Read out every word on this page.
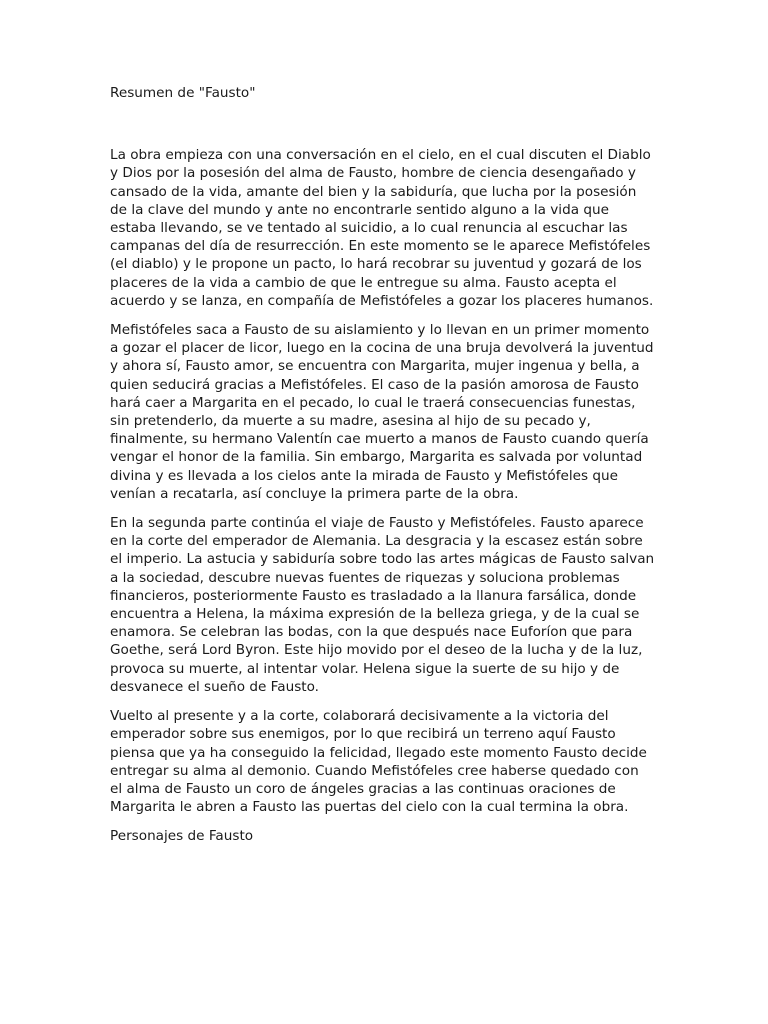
Resumen de "Fausto"

La obra empieza con una conversación en el cielo, en el cual discuten el Diablo y Dios por la posesión del alma de Fausto, hombre de ciencia desengañado y cansado de la vida, amante del bien y la sabiduría, que lucha por la posesión de la clave del mundo y ante no encontrarle sentido alguno a la vida que estaba llevando, se ve tentado al suicidio, a lo cual renuncia al escuchar las campanas del día de resurrección. En este momento se le aparece Mefistófeles (el diablo) y le propone un pacto, lo hará recobrar su juventud y gozará de los placeres de la vida a cambio de que le entregue su alma. Fausto acepta el acuerdo y se lanza, en compañía de Mefistófeles a gozar los placeres humanos.

Mefistófeles saca a Fausto de su aislamiento y lo llevan en un primer momento a gozar el placer de licor, luego en la cocina de una bruja devolverá la juventud y ahora sí, Fausto amor, se encuentra con Margarita, mujer ingenua y bella, a quien seducirá gracias a Mefistófeles. El caso de la pasión amorosa de Fausto hará caer a Margarita en el pecado, lo cual le traerá consecuencias funestas, sin pretenderlo, da muerte a su madre, asesina al hijo de su pecado y, finalmente, su hermano Valentín cae muerto a manos de Fausto cuando quería vengar el honor de la familia. Sin embargo, Margarita es salvada por voluntad divina y es llevada a los cielos ante la mirada de Fausto y Mefistófeles que venían a recatarla, así concluye la primera parte de la obra.

En la segunda parte continúa el viaje de Fausto y Mefistófeles. Fausto aparece en la corte del emperador de Alemania. La desgracia y la escasez están sobre el imperio. La astucia y sabiduría sobre todo las artes mágicas de Fausto salvan a la sociedad, descubre nuevas fuentes de riquezas y soluciona problemas financieros, posteriormente Fausto es trasladado a la llanura farsálica, donde encuentra a Helena, la máxima expresión de la belleza griega, y de la cual se enamora. Se celebran las bodas, con la que después nace Euforíon que para Goethe, será Lord Byron. Este hijo movido por el deseo de la lucha y de la luz, provoca su muerte, al intentar volar. Helena sigue la suerte de su hijo y de desvanece el sueño de Fausto.

Vuelto al presente y a la corte, colaborará decisivamente a la victoria del emperador sobre sus enemigos, por lo que recibirá un terreno aquí Fausto piensa que ya ha conseguido la felicidad, llegado este momento Fausto decide entregar su alma al demonio. Cuando Mefistófeles cree haberse quedado con el alma de Fausto un coro de ángeles gracias a las continuas oraciones de Margarita le abren a Fausto las puertas del cielo con la cual termina la obra.

Personajes de Fausto
